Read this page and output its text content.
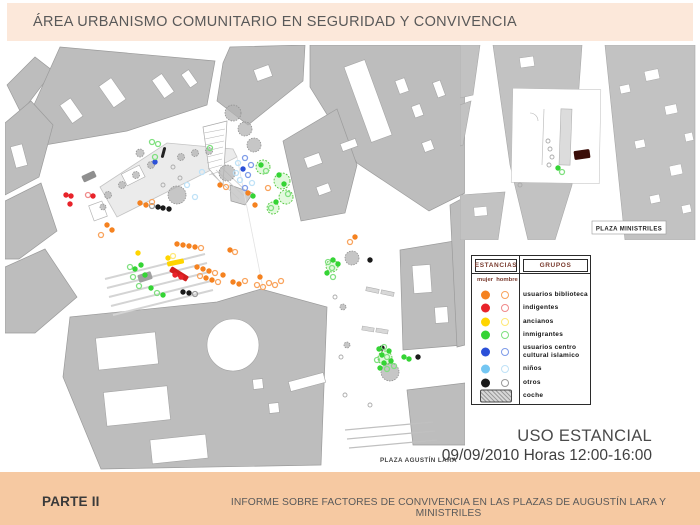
ÁREA URBANISMO COMUNITARIO EN SEGURIDAD Y CONVIVENCIA
PLAZA AGUSTÍN LARA
PLAZA MINISTRILES
ESTANCIAS	GRUPOS
mujer hombre
usuarios biblioteca
indigentes
ancianos
inmigrantes
usuarios centro cultural islamico
niños
otros
coche
USO ESTANCIAL
09/09/2010 Horas 12:00-16:00
PARTE II	INFORME SOBRE FACTORES DE CONVIVENCIA EN LAS PLAZAS DE AUGUSTÍN LARA Y MINISTRILES
